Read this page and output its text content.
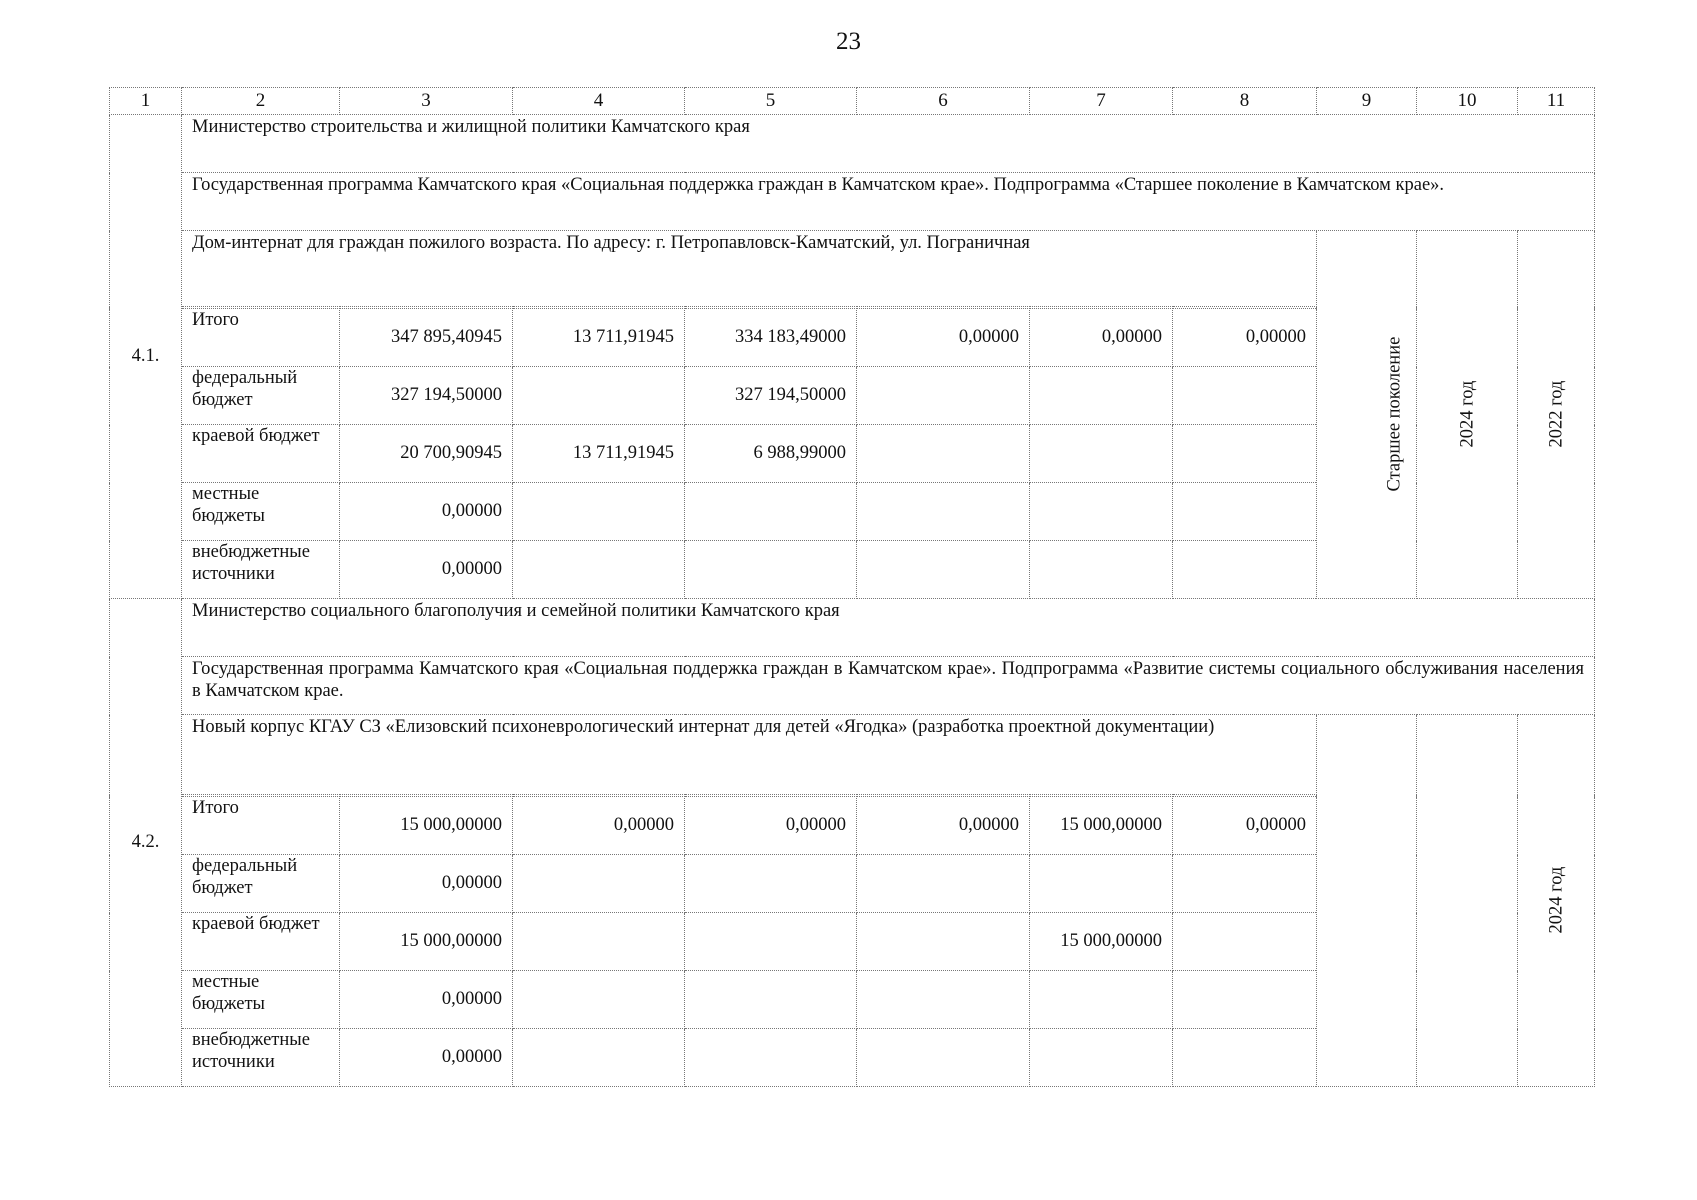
23
1	2	3	4	5	6	7	8	9	10	11
4.1.	Министерство строительства и жилищной политики Камчатского края									
	Государственная программа Камчатского края «Социальная поддержка граждан в Камчатском крае». Подпрограмма «Старшее поколение в Камчатском крае».									
	Дом-интернат для граждан пожилого возраста. По адресу: г. Петропавловск-Камчатский, ул. Пограничная							Старшее поколение	2024 год	2022 год

	Итого	347 895,40945	13 711,91945	334 183,49000	0,00000	0,00000	0,00000			
	федеральный бюджет	327 194,50000		327 194,50000						
	краевой бюджет	20 700,90945	13 711,91945	6 988,99000						
	местные бюджеты	0,00000								
	внебюджетные источники	0,00000								
4.2.	Министерство социального благополучия и семейной политики Камчатского края									
	Государственная программа Камчатского края «Социальная поддержка граждан в Камчатском крае». Подпрограмма «Развитие системы социального обслуживания населения в Камчатском крае.									
	Новый корпус КГАУ СЗ «Елизовский психоневрологический интернат для детей «Ягодка» (разработка проектной документации)									2024 год

	Итого	15 000,00000	0,00000	0,00000	0,00000	15 000,00000	0,00000			
	федеральный бюджет	0,00000								
	краевой бюджет	15 000,00000				15 000,00000				
	местные бюджеты	0,00000								
	внебюджетные источники	0,00000								
